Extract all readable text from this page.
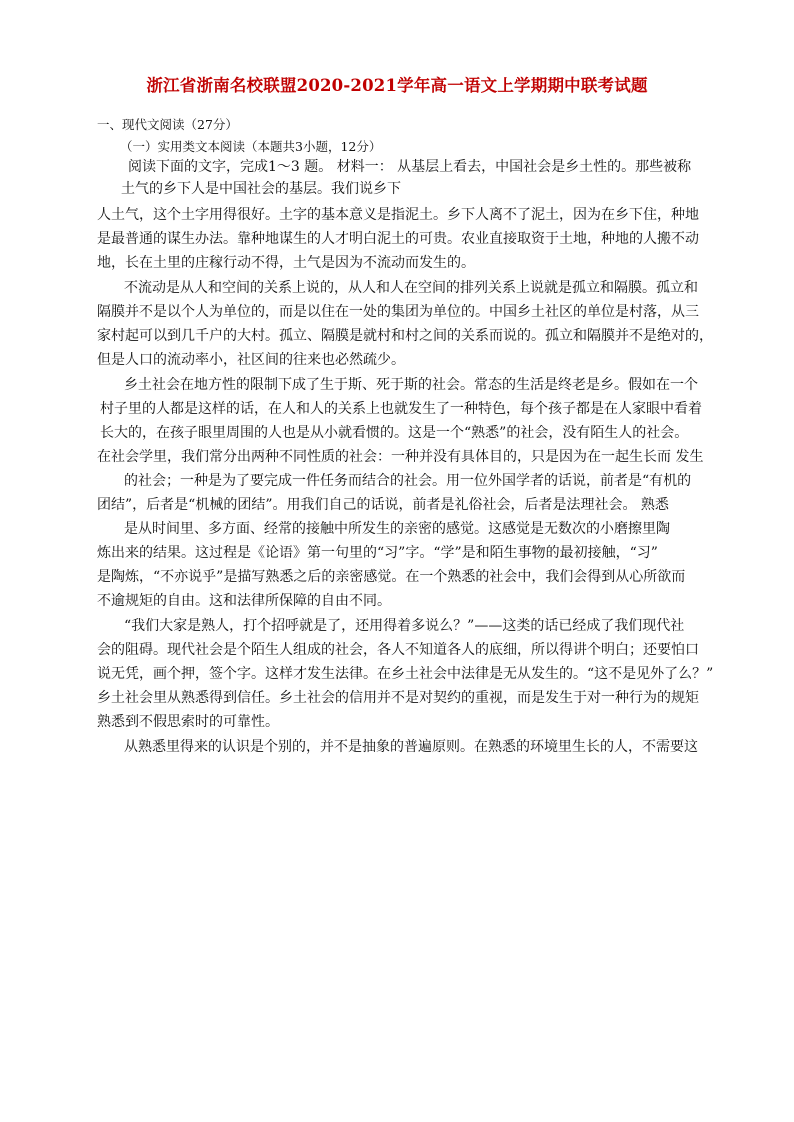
浙江省浙南名校联盟2020-2021学年高一语文上学期期中联考试题
一、现代文阅读（27分）
（一）实用类文本阅读（本题共3小题，12分）
阅读下面的文字，完成1～3 题。 材料一： 从基层上看去，中国社会是乡土性的。那些被称
土气的乡下人是中国社会的基层。我们说乡下
人土气，这个土字用得很好。土字的基本意义是指泥土。乡下人离不了泥土，因为在乡下住，种地
是最普通的谋生办法。靠种地谋生的人才明白泥土的可贵。农业直接取资于土地，种地的人搬不动
地，长在土里的庄稼行动不得，土气是因为不流动而发生的。
不流动是从人和空间的关系上说的，从人和人在空间的排列关系上说就是孤立和隔膜。孤立和
隔膜并不是以个人为单位的，而是以住在一处的集团为单位的。中国乡土社区的单位是村落，从三
家村起可以到几千户的大村。孤立、隔膜是就村和村之间的关系而说的。孤立和隔膜并不是绝对的，
但是人口的流动率小，社区间的往来也必然疏少。
乡土社会在地方性的限制下成了生于斯、死于斯的社会。常态的生活是终老是乡。假如在一个
村子里的人都是这样的话，在人和人的关系上也就发生了一种特色，每个孩子都是在人家眼中看着
长大的，在孩子眼里周围的人也是从小就看惯的。这是一个“熟悉”的社会，没有陌生人的社会。
在社会学里，我们常分出两种不同性质的社会：一种并没有具体目的，只是因为在一起生长而 发生
的社会；一种是为了要完成一件任务而结合的社会。用一位外国学者的话说，前者是“有机的
团结”，后者是“机械的团结”。用我们自己的话说，前者是礼俗社会，后者是法理社会。 熟悉
是从时间里、多方面、经常的接触中所发生的亲密的感觉。这感觉是无数次的小磨擦里陶
炼出来的结果。这过程是《论语》第一句里的“习”字。“学”是和陌生事物的最初接触，“习”
是陶炼，“不亦说乎”是描写熟悉之后的亲密感觉。在一个熟悉的社会中，我们会得到从心所欲而
不逾规矩的自由。这和法律所保障的自由不同。
“我们大家是熟人，打个招呼就是了，还用得着多说么？”——这类的话已经成了我们现代社
会的阻碍。现代社会是个陌生人组成的社会，各人不知道各人的底细，所以得讲个明白；还要怕口
说无凭，画个押，签个字。这样才发生法律。在乡土社会中法律是无从发生的。“这不是见外了么？”
乡土社会里从熟悉得到信任。乡土社会的信用并不是对契约的重视，而是发生于对一种行为的规矩
熟悉到不假思索时的可靠性。
从熟悉里得来的认识是个别的，并不是抽象的普遍原则。在熟悉的环境里生长的人，不需要这
